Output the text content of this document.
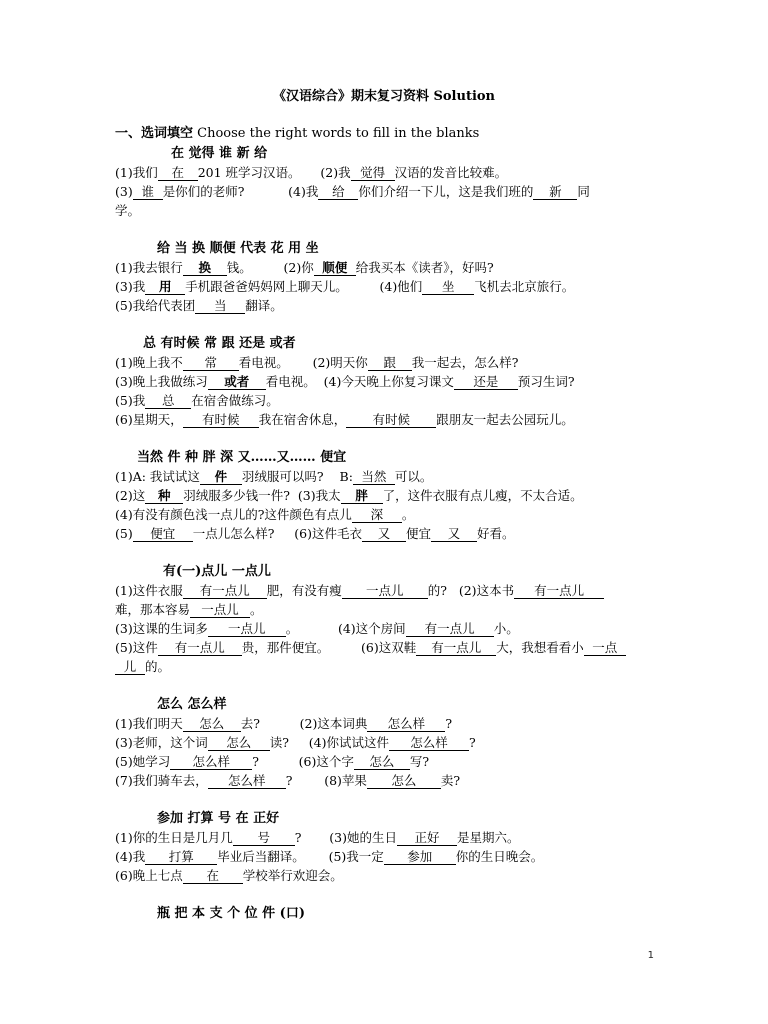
《汉语综合》期末复习资料 Solution
一、选词填空 Choose the right words to fill in the blanks
在 觉得 谁 新 给
(1)我们 在 201 班学习汉语。     (2)我 觉得 汉语的发音比较难。
(3) 谁 是你们的老师?           (4)我 给 你们介绍一下儿，这是我们班的 新 同
学。
给 当 换 顺便 代表 花 用 坐
(1)我去银行 换 钱。        (2)你 顺便 给我买本《读者》，好吗?
(3)我 用 手机跟爸爸妈妈网上聊天儿。        (4)他们 坐 飞机去北京旅行。
(5)我给代表团 当 翻译。
总 有时候 常 跟 还是 或者
(1)晚上我不 常 看电视。      (2)明天你 跟 我一起去，怎么样?
(3)晚上我做练习 或者 看电视。  (4)今天晚上你复习课文 还是 预习生词?
(5)我 总 在宿舍做练习。
(6)星期天， 有时候 我在宿舍休息， 有时候 跟朋友一起去公园玩儿。
当然 件 种 胖 深 又……又…… 便宜
(1)A: 我试试这 件 羽绒服可以吗?    B: 当然 可以。
(2)这 种 羽绒服多少钱一件?  (3)我太 胖 了，这件衣服有点儿瘦，不太合适。
(4)有没有颜色浅一点儿的?这件颜色有点儿 深 。
(5) 便宜 一点儿怎么样?     (6)这件毛衣 又 便宜 又 好看。
有(一)点儿 一点儿
(1)这件衣服 有一点儿 肥，有没有瘦 一点儿 的?   (2)这本书 有一点儿
难，那本容易 一点儿 。
(3)这课的生词多 一点儿 。          (4)这个房间 有一点儿 小。
(5)这件 有一点儿 贵，那件便宜。        (6)这双鞋 有一点儿 大，我想看看小 一点
儿 的。
怎么 怎么样
(1)我们明天 怎么 去?          (2)这本词典 怎么样 ?
(3)老师，这个词 怎么 读?     (4)你试试这件 怎么样 ?
(5)她学习 怎么样 ?          (6)这个字 怎么 写?
(7)我们骑车去， 怎么样 ?        (8)苹果 怎么 卖?
参加 打算 号 在 正好
(1)你的生日是几月几 号 ?       (3)她的生日 正好 是星期六。
(4)我 打算 毕业后当翻译。      (5)我一定 参加 你的生日晚会。
(6)晚上七点 在 学校举行欢迎会。
瓶 把 本 支 个 位 件 (口)
1
